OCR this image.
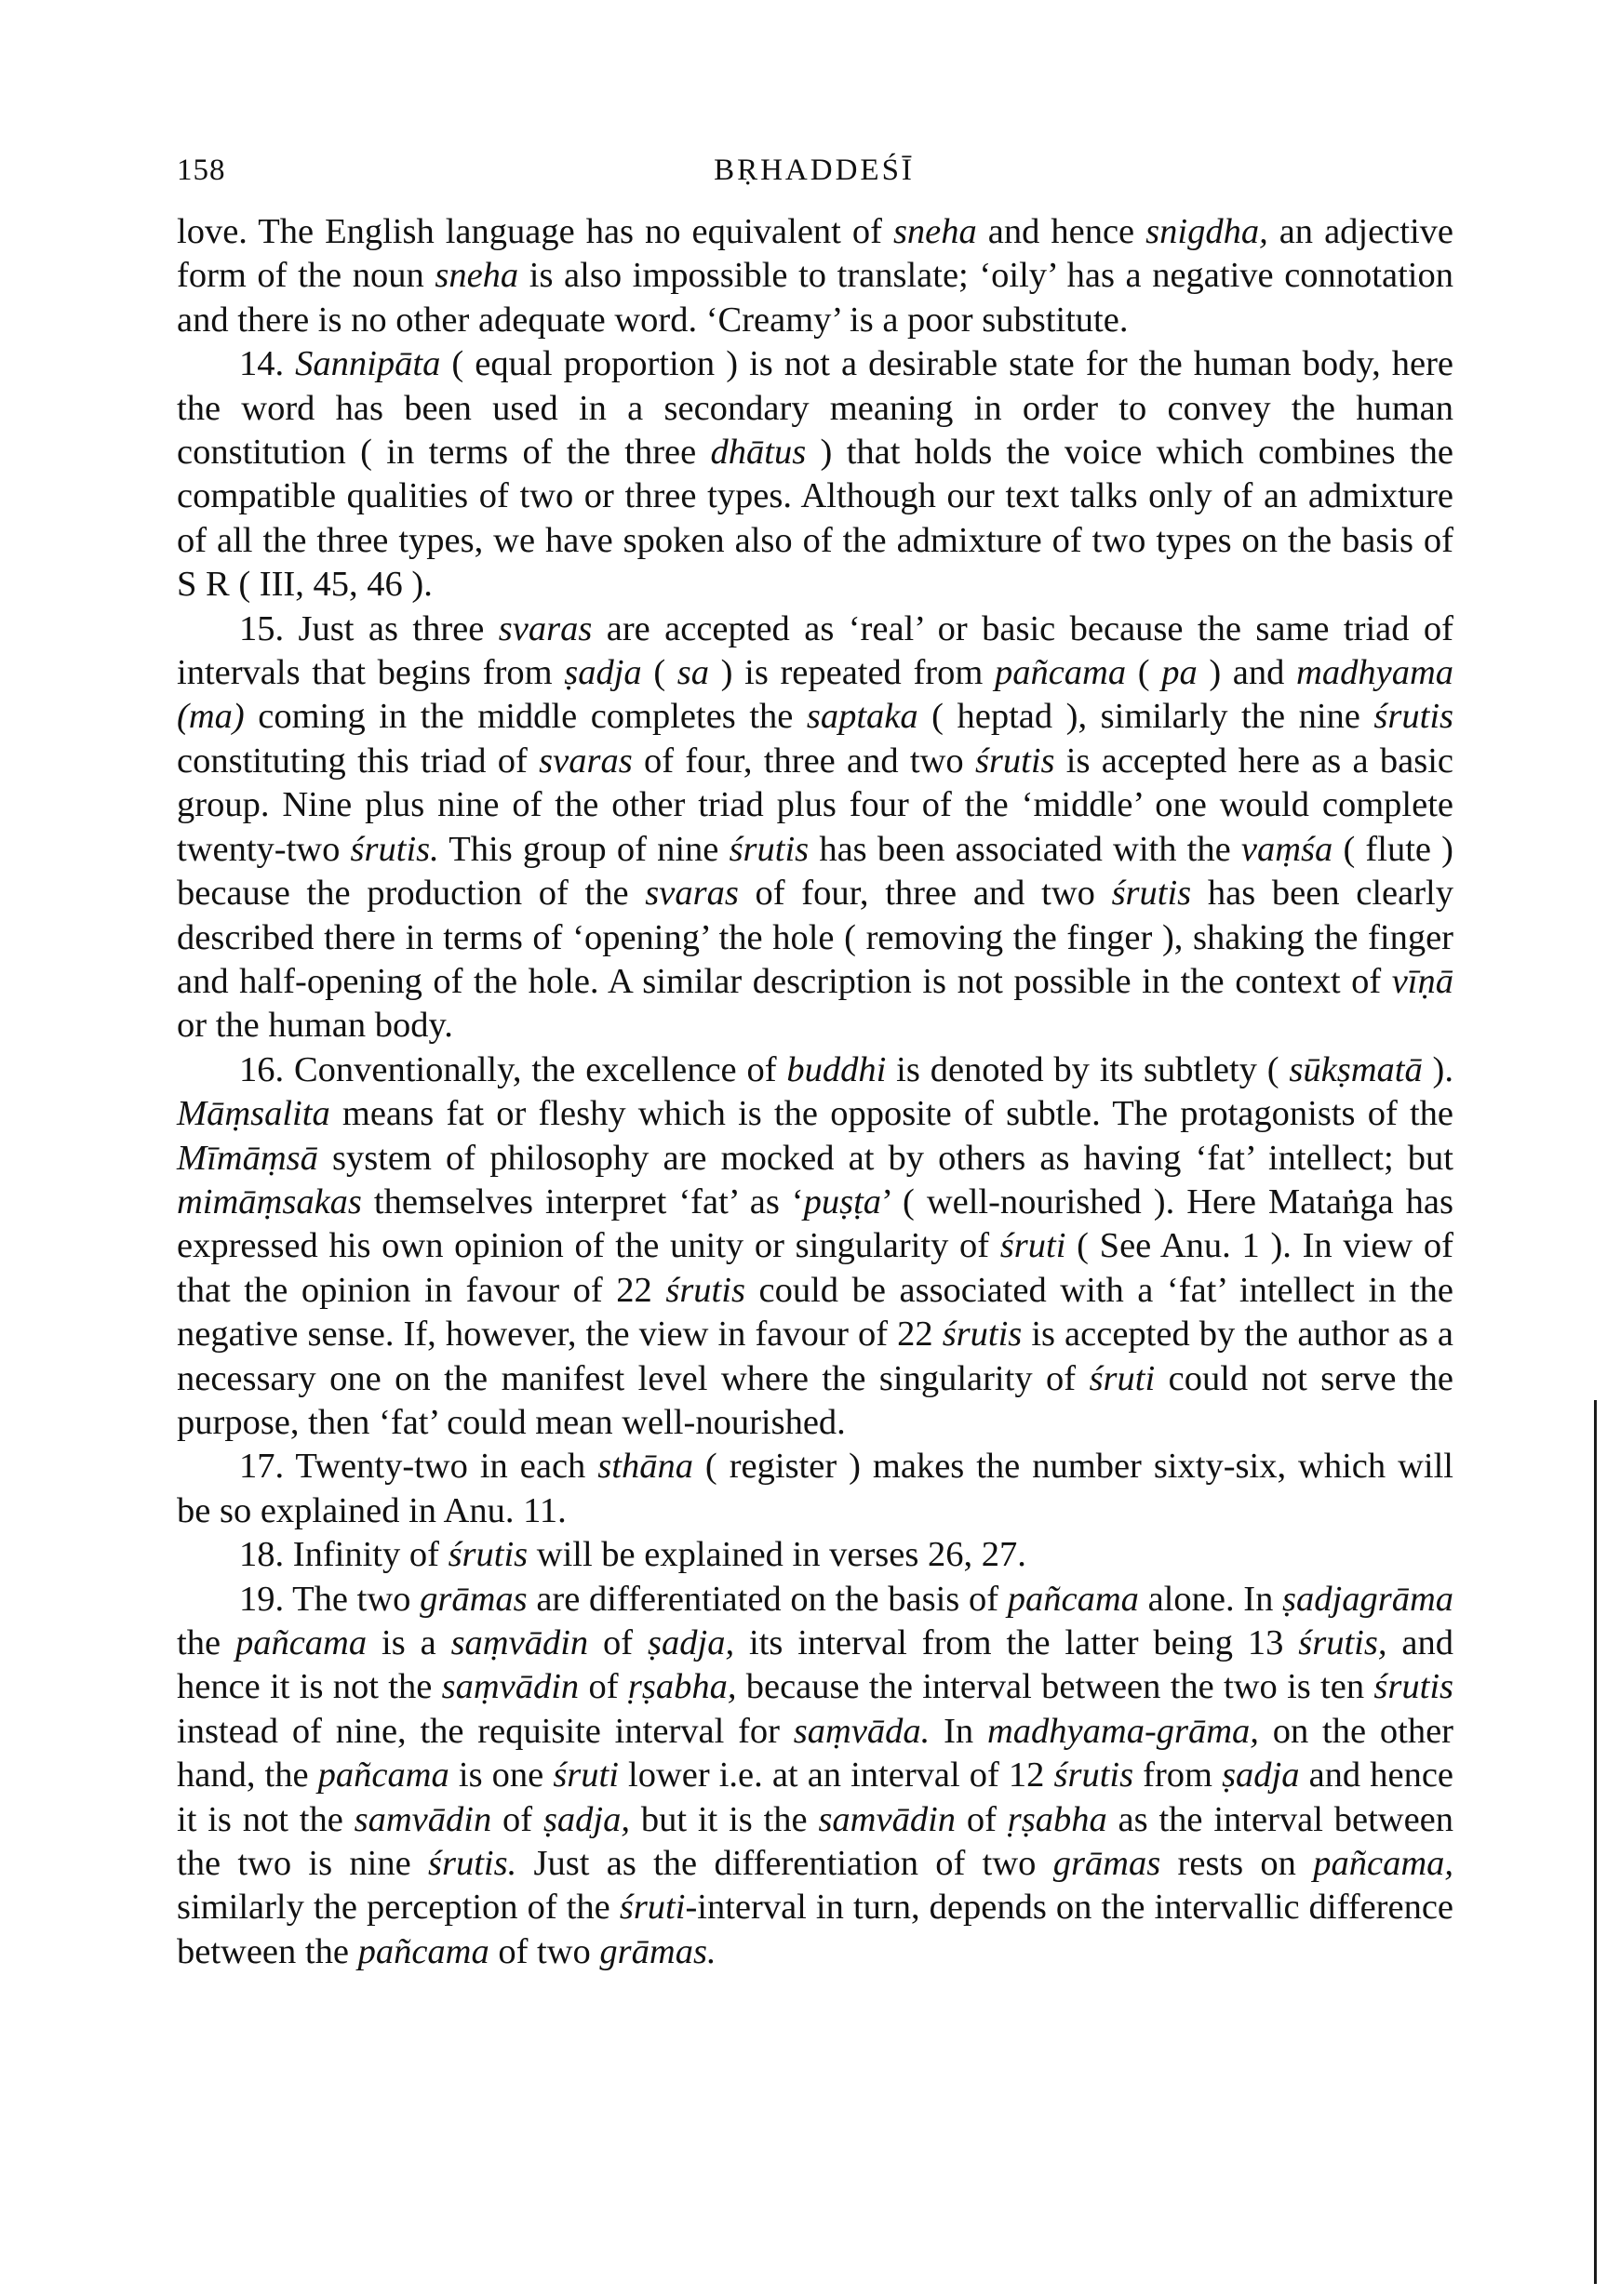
158	BṚHADDEŚĪ

love. The English language has no equivalent of sneha and hence snigdha, an adjective form of the noun sneha is also impossible to translate; ‘oily’ has a negative connotation and there is no other adequate word. ‘Creamy’ is a poor substitute.

14. Sannipāta ( equal proportion ) is not a desirable state for the human body, here the word has been used in a secondary meaning in order to convey the human constitution ( in terms of the three dhātus ) that holds the voice which combines the compatible qualities of two or three types. Although our text talks only of an admixture of all the three types, we have spoken also of the admixture of two types on the basis of S R ( III, 45, 46 ).

15. Just as three svaras are accepted as ‘real’ or basic because the same triad of intervals that begins from ṣadja ( sa ) is repeated from pañcama ( pa ) and madhyama (ma) coming in the middle completes the saptaka ( heptad ), similarly the nine śrutis constituting this triad of svaras of four, three and two śrutis is accepted here as a basic group. Nine plus nine of the other triad plus four of the ‘middle’ one would complete twenty-two śrutis. This group of nine śrutis has been associated with the vaṃśa ( flute ) because the production of the svaras of four, three and two śrutis has been clearly described there in terms of ‘opening’ the hole ( removing the finger ), shaking the finger and half-opening of the hole. A similar description is not possible in the context of vīṇā or the human body.

16. Conventionally, the excellence of buddhi is denoted by its subtlety ( sūkṣmatā ). Māṃsalita means fat or fleshy which is the opposite of subtle. The protagonists of the Mīmāṃsā system of philosophy are mocked at by others as having ‘fat’ intellect; but mimāṃsakas themselves interpret ‘fat’ as ‘puṣṭa’ ( well-nourished ). Here Mataṅga has expressed his own opinion of the unity or singularity of śruti ( See Anu. 1 ). In view of that the opinion in favour of 22 śrutis could be associated with a ‘fat’ intellect in the negative sense. If, however, the view in favour of 22 śrutis is accepted by the author as a necessary one on the manifest level where the singularity of śruti could not serve the purpose, then ‘fat’ could mean well-nourished.

17. Twenty-two in each sthāna ( register ) makes the number sixty-six, which will be so explained in Anu. 11.

18. Infinity of śrutis will be explained in verses 26, 27.

19. The two grāmas are differentiated on the basis of pañcama alone. In ṣadjagrāma the pañcama is a saṃvādin of ṣadja, its interval from the latter being 13 śrutis, and hence it is not the saṃvādin of ṛṣabha, because the interval between the two is ten śrutis instead of nine, the requisite interval for saṃvāda. In madhyama-grāma, on the other hand, the pañcama is one śruti lower i.e. at an interval of 12 śrutis from ṣadja and hence it is not the samvādin of ṣadja, but it is the samvādin of ṛṣabha as the interval between the two is nine śrutis. Just as the differentiation of two grāmas rests on pañcama, similarly the perception of the śruti-interval in turn, depends on the intervallic difference between the pañcama of two grāmas.
